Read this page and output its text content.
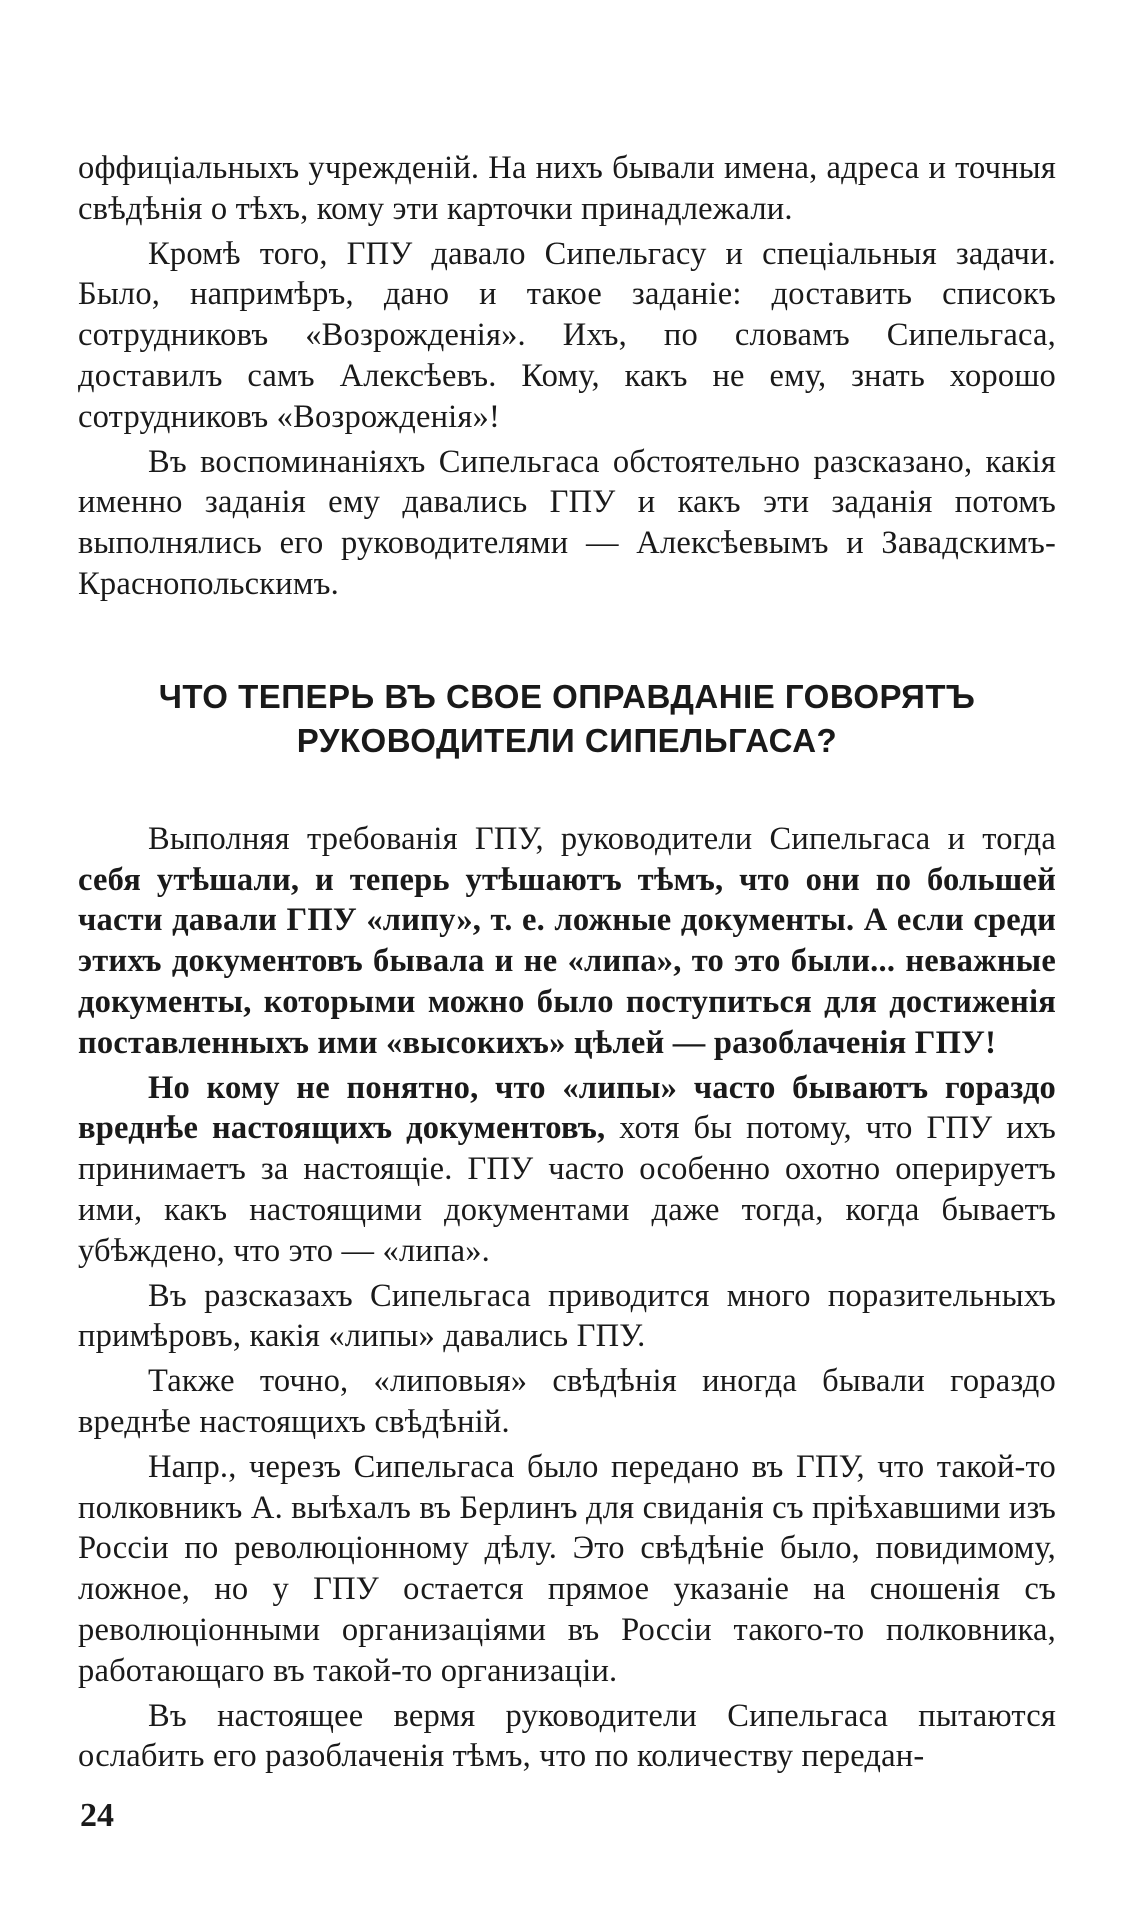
оффиціальныхъ учрежденій. На нихъ бывали имена, адреса и точныя свѣдѣнія о тѣхъ, кому эти карточки принадлежали.

Кромѣ того, ГПУ давало Сипельгасу и спеціальныя задачи. Было, напримѣръ, дано и такое заданіе: доставить списокъ сотрудниковъ «Возрожденія». Ихъ, по словамъ Сипельгаса, доставилъ самъ Алексѣевъ. Кому, какъ не ему, знать хорошо сотрудниковъ «Возрожденія»!

Въ воспоминаніяхъ Сипельгаса обстоятельно разсказано, какія именно заданія ему давались ГПУ и какъ эти заданія потомъ выполнялись его руководителями — Алексѣевымъ и Завадскимъ-Краснопольскимъ.

ЧТО ТЕПЕРЬ ВЪ СВОЕ ОПРАВДАНІЕ ГОВОРЯТЪ
РУКОВОДИТЕЛИ СИПЕЛЬГАСА?

Выполняя требованія ГПУ, руководители Сипельгаса и тогда себя утѣшали, и теперь утѣшаютъ тѣмъ, что они по большей части давали ГПУ «липу», т. е. ложные документы. А если среди этихъ документовъ бывала и не «липа», то это были... неважные документы, которыми можно было поступиться для достиженія поставленныхъ ими «высокихъ» цѣлей — разоблаченія ГПУ!

Но кому не понятно, что «липы» часто бываютъ гораздо вреднѣе настоящихъ документовъ, хотя бы потому, что ГПУ ихъ принимаетъ за настоящіе. ГПУ часто особенно охотно оперируетъ ими, какъ настоящими документами даже тогда, когда бываетъ убѣждено, что это — «липа».

Въ разсказахъ Сипельгаса приводится много поразительныхъ примѣровъ, какія «липы» давались ГПУ.

Также точно, «липовыя» свѣдѣнія иногда бывали гораздо вреднѣе настоящихъ свѣдѣній.

Напр., черезъ Сипельгаса было передано въ ГПУ, что такой-то полковникъ А. выѣхалъ въ Берлинъ для свиданія съ пріѣхавшими изъ Россіи по революціонному дѣлу. Это свѣдѣніе было, повидимому, ложное, но у ГПУ остается прямое указаніе на сношенія съ революціонными организаціями въ Россіи такого-то полковника, работающаго въ такой-то организаціи.

Въ настоящее вермя руководители Сипельгаса пытаются ослабить его разоблаченія тѣмъ, что по количеству передан-

24
